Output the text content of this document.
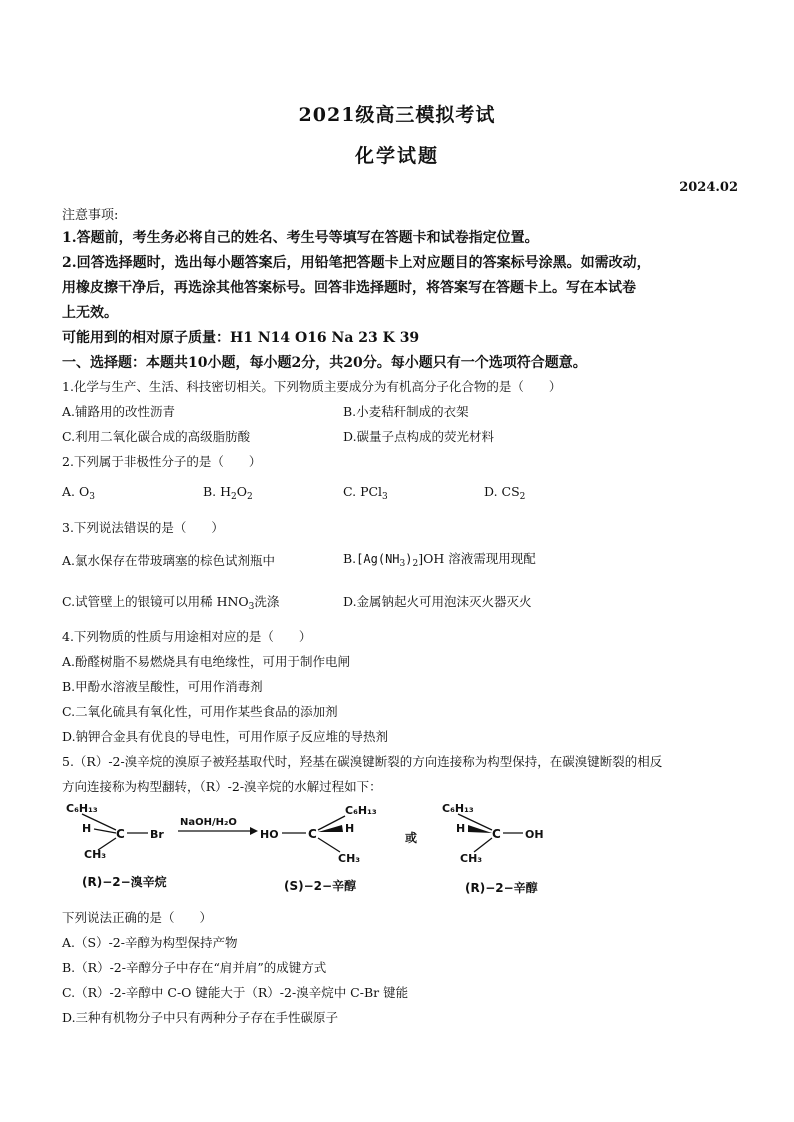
2021级高三模拟考试
化学试题
2024.02
注意事项:
1.答题前，考生务必将自己的姓名、考生号等填写在答题卡和试卷指定位置。
2.回答选择题时，选出每小题答案后，用铅笔把答题卡上对应题目的答案标号涂黑。如需改动，
用橡皮擦干净后，再选涂其他答案标号。回答非选择题时，将答案写在答题卡上。写在本试卷
上无效。
可能用到的相对原子质量：H1 N14 O16 Na 23 K 39
一、选择题：本题共10小题，每小题2分，共20分。每小题只有一个选项符合题意。
1.化学与生产、生活、科技密切相关。下列物质主要成分为有机高分子化合物的是（　　）
A.铺路用的改性沥青	B.小麦秸秆制成的衣架
C.利用二氧化碳合成的高级脂肪酸	D.碳量子点构成的荧光材料
2.下列属于非极性分子的是（　　）
A. $O_3$	B. $H_2O_2$	C. PCl$_3$	D. $CS_2$
3.下列说法错误的是（　　）
A.氯水保存在带玻璃塞的棕色试剂瓶中	$B.[Ag(NH_3)_2]OH$ 溶液需现用现配
C.试管壁上的银镜可以用稀 $HNO_3$洗涤	D.金属钠起火可用泡沫灭火器灭火
4.下列物质的性质与用途相对应的是（　　）
A.酚醛树脂不易燃烧具有电绝缘性，可用于制作电闸
B.甲酚水溶液呈酸性，可用作消毒剂
C.二氧化硫具有氧化性，可用作某些食品的添加剂
D.钠钾合金具有优良的导电性，可用作原子反应堆的导热剂
5.（R）-2-溴辛烷的溴原子被羟基取代时，羟基在碳溴键断裂的方向连接称为构型保持，在碳溴键断裂的相反
方向连接称为构型翻转，（R）-2-溴辛烷的水解过程如下：
C₆H₁₃
H C Br
CH₃
NaOH/H₂O
HO C
C₆H₁₃
H
CH₃
或
C₆H₁₃
H C OH
CH₃
(R)−2−溴辛烷	(S)−2−辛醇	(R)−2−辛醇
下列说法正确的是（　　）
A.（S）-2-辛醇为构型保持产物
B.（R）-2-辛醇分子中存在“肩并肩”的成键方式
C.（R）-2-辛醇中 C-O 键能大于（R）-2-溴辛烷中 C-Br 键能
D.三种有机物分子中只有两种分子存在手性碳原子
